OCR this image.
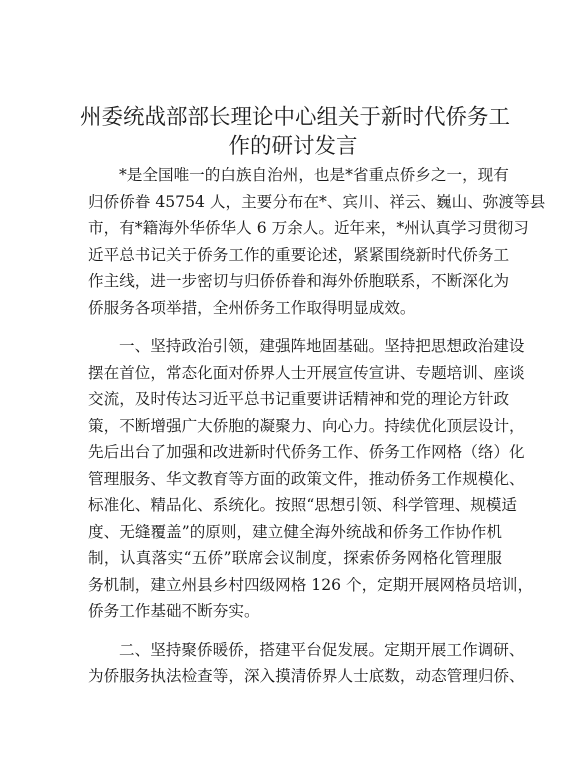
州委统战部部长理论中心组关于新时代侨务工
作的研讨发言
*是全国唯一的白族自治州，也是*省重点侨乡之一，现有
归侨侨眷 45754 人，主要分布在*、宾川、祥云、巍山、弥渡等县
市，有*籍海外华侨华人 6 万余人。近年来，*州认真学习贯彻习
近平总书记关于侨务工作的重要论述，紧紧围绕新时代侨务工
作主线，进一步密切与归侨侨眷和海外侨胞联系，不断深化为
侨服务各项举措，全州侨务工作取得明显成效。
一、坚持政治引领，建强阵地固基础。坚持把思想政治建设
摆在首位，常态化面对侨界人士开展宣传宣讲、专题培训、座谈
交流，及时传达习近平总书记重要讲话精神和党的理论方针政
策，不断增强广大侨胞的凝聚力、向心力。持续优化顶层设计，
先后出台了加强和改进新时代侨务工作、侨务工作网格（络）化
管理服务、华文教育等方面的政策文件，推动侨务工作规模化、
标准化、精品化、系统化。按照“思想引领、科学管理、规模适
度、无缝覆盖”的原则，建立健全海外统战和侨务工作协作机
制，认真落实“五侨”联席会议制度，探索侨务网格化管理服
务机制，建立州县乡村四级网格 126 个，定期开展网格员培训，
侨务工作基础不断夯实。
二、坚持聚侨暖侨，搭建平台促发展。定期开展工作调研、
为侨服务执法检查等，深入摸清侨界人士底数，动态管理归侨、
